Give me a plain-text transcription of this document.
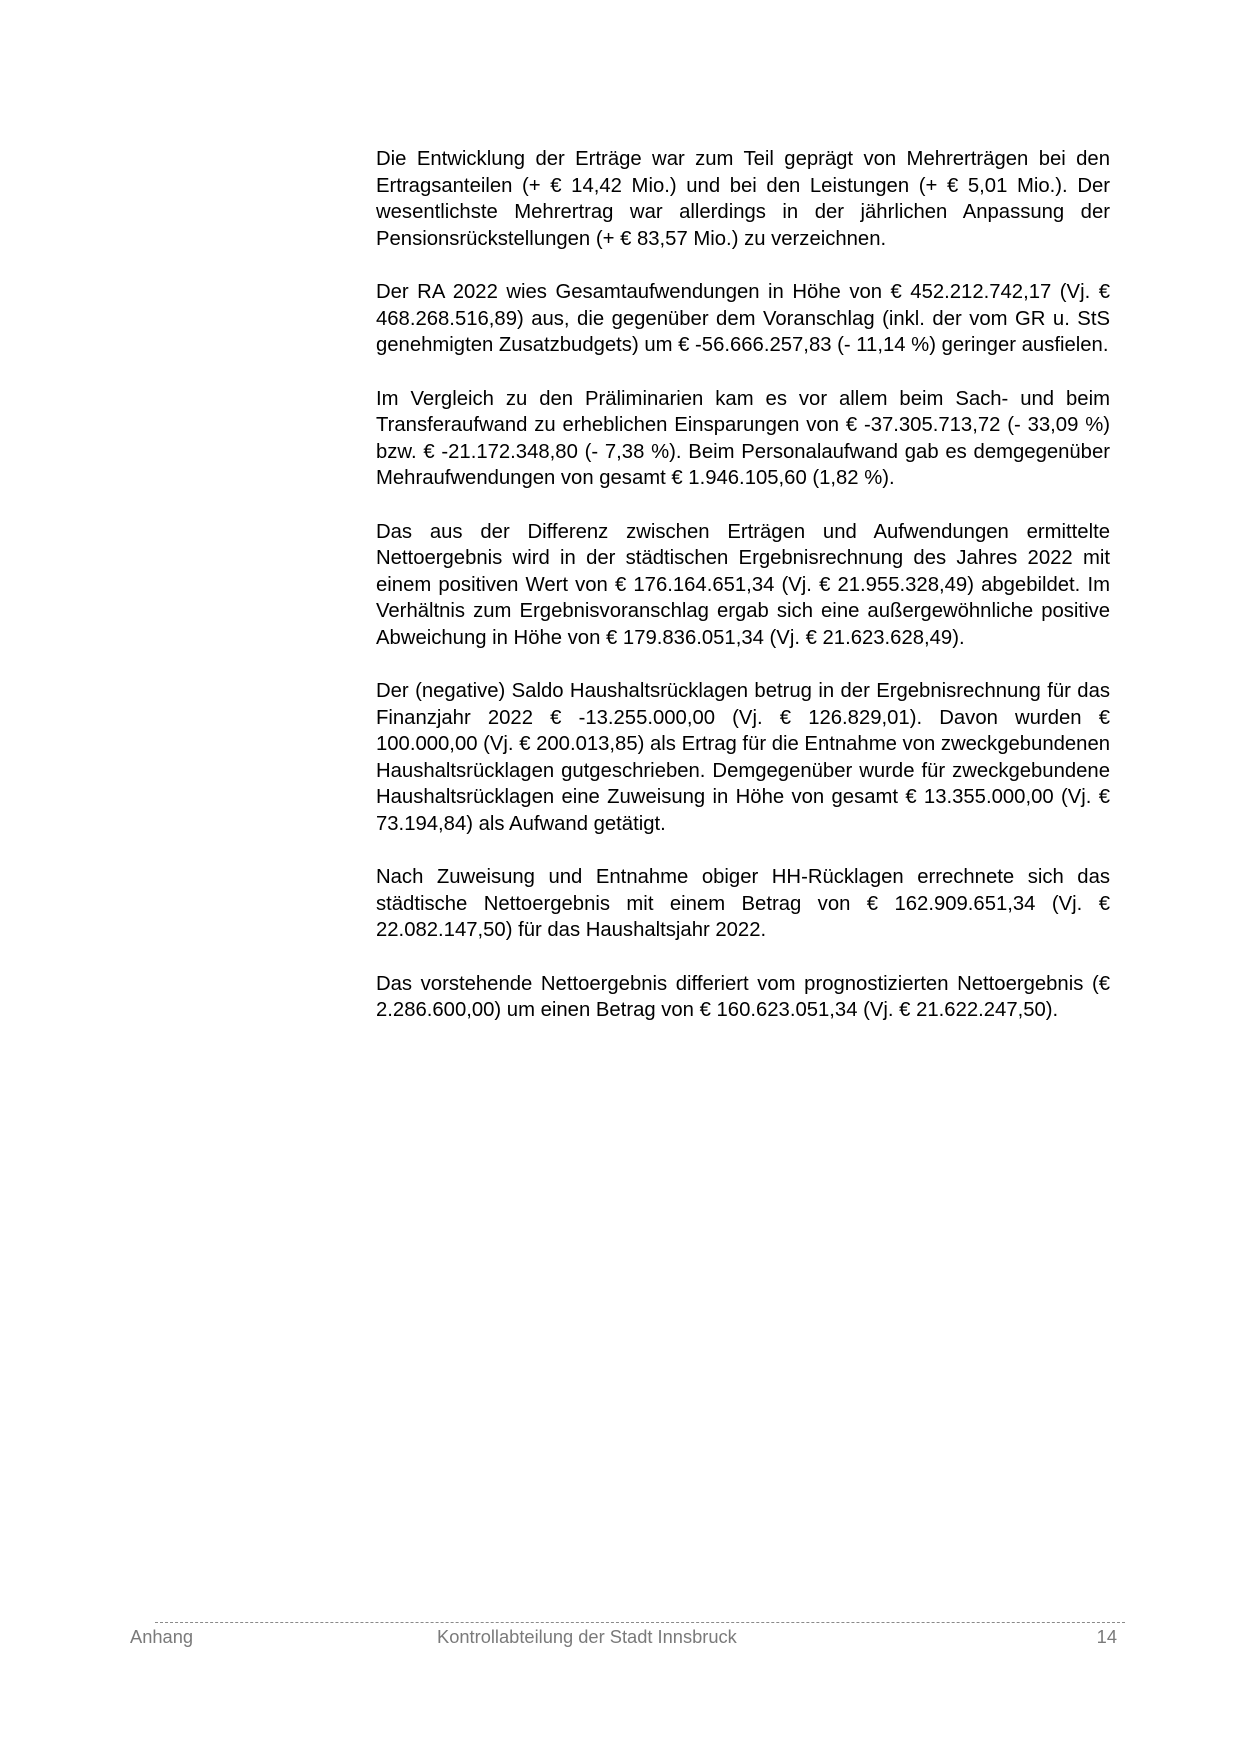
Die Entwicklung der Erträge war zum Teil geprägt von Mehrerträgen bei den Ertragsanteilen (+ € 14,42 Mio.) und bei den Leistungen (+ € 5,01 Mio.). Der wesentlichste Mehrertrag war allerdings in der jährlichen Anpassung der Pensionsrückstellungen (+ € 83,57 Mio.) zu verzeichnen.

Der RA 2022 wies Gesamtaufwendungen in Höhe von € 452.212.742,17 (Vj. € 468.268.516,89) aus, die gegenüber dem Voranschlag (inkl. der vom GR u. StS genehmigten Zusatzbudgets) um € -56.666.257,83 (- 11,14 %) geringer ausfielen.

Im Vergleich zu den Präliminarien kam es vor allem beim Sach- und beim Transferaufwand zu erheblichen Einsparungen von € -37.305.713,72 (- 33,09 %) bzw. € -21.172.348,80 (- 7,38 %). Beim Personalaufwand gab es demgegenüber Mehraufwendungen von gesamt € 1.946.105,60 (1,82 %).

Das aus der Differenz zwischen Erträgen und Aufwendungen ermittelte Nettoergebnis wird in der städtischen Ergebnisrechnung des Jahres 2022 mit einem positiven Wert von € 176.164.651,34 (Vj. € 21.955.328,49) abgebildet. Im Verhältnis zum Ergebnisvoranschlag ergab sich eine außergewöhnliche positive Abweichung in Höhe von € 179.836.051,34 (Vj. € 21.623.628,49).

Der (negative) Saldo Haushaltsrücklagen betrug in der Ergebnisrechnung für das Finanzjahr 2022 € -13.255.000,00 (Vj. € 126.829,01). Davon wurden € 100.000,00 (Vj. € 200.013,85) als Ertrag für die Entnahme von zweckgebundenen Haushaltsrücklagen gutgeschrieben. Demgegenüber wurde für zweckgebundene Haushaltsrücklagen eine Zuweisung in Höhe von gesamt € 13.355.000,00 (Vj. € 73.194,84) als Aufwand getätigt.

Nach Zuweisung und Entnahme obiger HH-Rücklagen errechnete sich das städtische Nettoergebnis mit einem Betrag von € 162.909.651,34 (Vj. € 22.082.147,50) für das Haushaltsjahr 2022.

Das vorstehende Nettoergebnis differiert vom prognostizierten Nettoergebnis (€ 2.286.600,00) um einen Betrag von € 160.623.051,34 (Vj. € 21.622.247,50).

Anhang	Kontrollabteilung der Stadt Innsbruck	14
